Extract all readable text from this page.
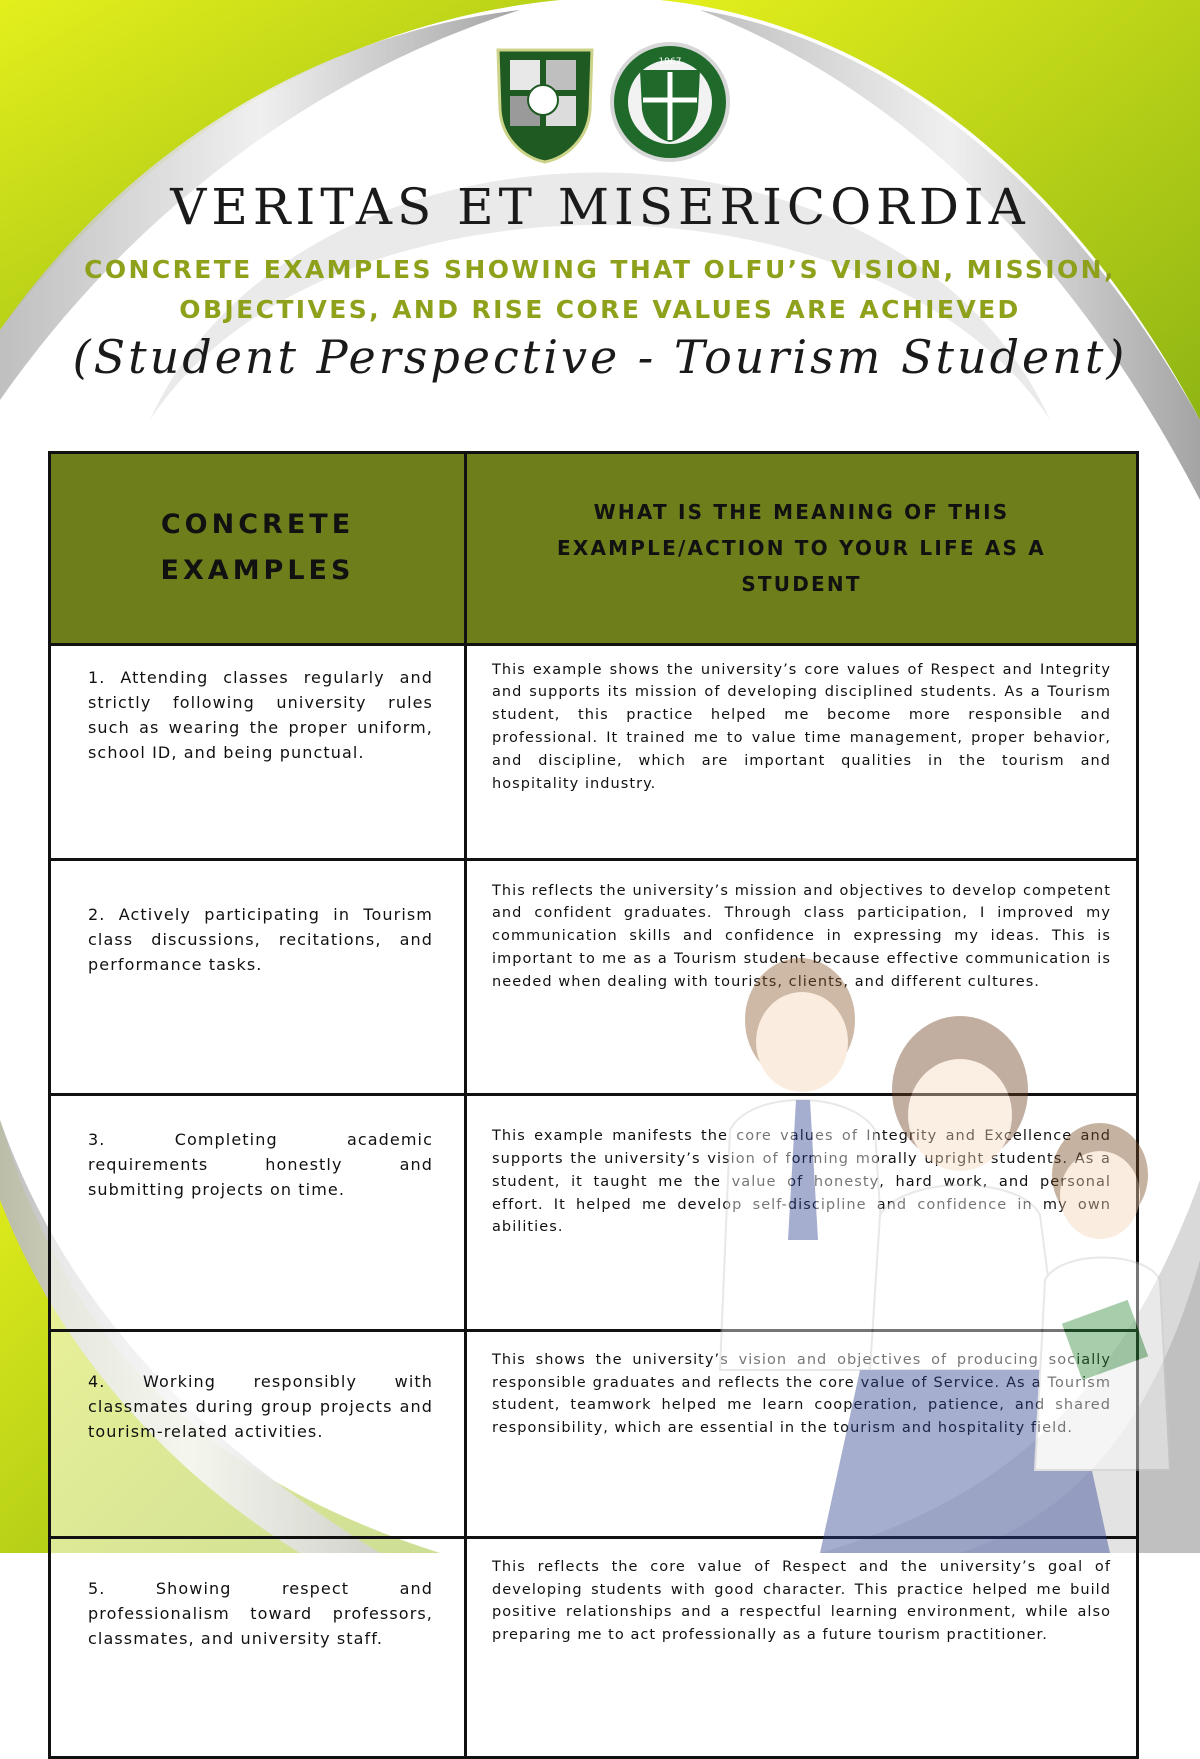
1967
VERITAS ET MISERICORDIA
CONCRETE EXAMPLES SHOWING THAT OLFU’S VISION, MISSION,
OBJECTIVES, AND RISE CORE VALUES ARE ACHIEVED
(Student Perspective - Tourism Student)
CONCRETE EXAMPLES	WHAT IS THE MEANING OF THIS EXAMPLE/ACTION TO YOUR LIFE AS A STUDENT

1. Attending classes regularly and strictly following university rules such as wearing the proper uniform, school ID, and being punctual.	This example shows the university’s core values of Respect and Integrity and supports its mission of developing disciplined students. As a Tourism student, this practice helped me become more responsible and professional. It trained me to value time management, proper behavior, and discipline, which are important qualities in the tourism and hospitality industry.

2. Actively participating in Tourism class discussions, recitations, and performance tasks.	This reflects the university’s mission and objectives to develop competent and confident graduates. Through class participation, I improved my communication skills and confidence in expressing my ideas. This is important to me as a Tourism student because effective communication is needed when dealing with tourists, clients, and different cultures.

3. Completing academic requirements honestly and submitting projects on time.	This example manifests the core values of Integrity and Excellence and supports the university’s vision of forming morally upright students. As a student, it taught me the value of honesty, hard work, and personal effort. It helped me develop self-discipline and confidence in my own abilities.

4. Working responsibly with classmates during group projects and tourism-related activities.	This shows the university’s vision and objectives of producing socially responsible graduates and reflects the core value of Service. As a Tourism student, teamwork helped me learn cooperation, patience, and shared responsibility, which are essential in the tourism and hospitality field.

5. Showing respect and professionalism toward professors, classmates, and university staff.	This reflects the core value of Respect and the university’s goal of developing students with good character. This practice helped me build positive relationships and a respectful learning environment, while also preparing me to act professionally as a future tourism practitioner.
